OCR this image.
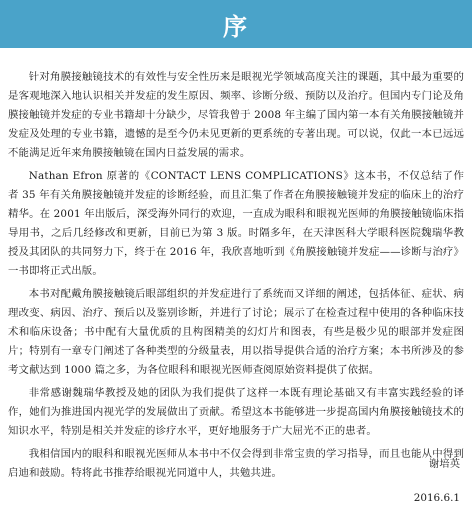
序

针对角膜接触镜技术的有效性与安全性历来是眼视光学领域高度关注的课题，其中最为重要的是客观地深入地认识相关并发症的发生原因、频率、诊断分级、预防以及治疗。但国内专门论及角膜接触镜并发症的专业书籍却十分缺少，尽管我曾于 2008 年主编了国内第一本有关角膜接触镜并发症及处理的专业书籍，遗憾的是至今仍未见更新的更系统的专著出现。可以说，仅此一本已远远不能满足近年来角膜接触镜在国内日益发展的需求。

Nathan Efron 原著的《CONTACT LENS COMPLICATIONS》这本书，不仅总结了作者 35 年有关角膜接触镜并发症的诊断经验，而且汇集了作者在角膜接触镜并发症的临床上的治疗精华。在 2001 年出版后，深受海外同行的欢迎，一直成为眼科和眼视光医师的角膜接触镜临床指导用书，之后几经修改和更新，目前已为第 3 版。时隔多年，在天津医科大学眼科医院魏瑞华教授及其团队的共同努力下，终于在 2016 年，我欣喜地听到《角膜接触镜并发症——诊断与治疗》一书即将正式出版。

本书对配戴角膜接触镜后眼部组织的并发症进行了系统而又详细的阐述，包括体征、症状、病理改变、病因、治疗、预后以及鉴别诊断，并进行了讨论；展示了在检查过程中使用的各种临床技术和临床设备；书中配有大量优质的且构图精美的幻灯片和图表，有些是极少见的眼部并发症图片；特别有一章专门阐述了各种类型的分级量表，用以指导提供合适的治疗方案；本书所涉及的参考文献达到 1000 篇之多，为各位眼科和眼视光医师查阅原始资料提供了依据。

非常感谢魏瑞华教授及她的团队为我们提供了这样一本既有理论基础又有丰富实践经验的译作，她们为推进国内视光学的发展做出了贡献。希望这本书能够进一步提高国内角膜接触镜技术的知识水平，特别是相关并发症的诊疗水平，更好地服务于广大屈光不正的患者。

我相信国内的眼科和眼视光医师从本书中不仅会得到非常宝贵的学习指导，而且也能从中得到启迪和鼓励。特将此书推荐给眼视光同道中人，共勉共进。

谢培英
2016.6.1
